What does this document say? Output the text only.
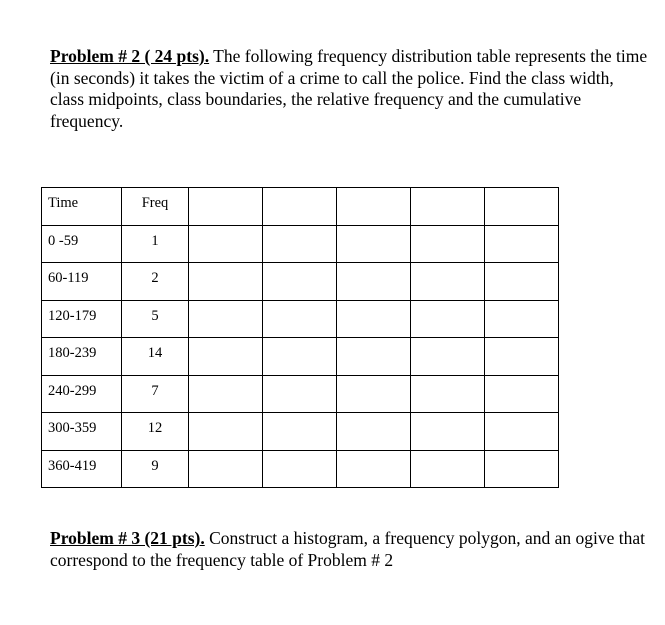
Problem # 2 ( 24 pts). The following frequency distribution table represents the time (in seconds) it takes the victim of a crime to call the police. Find the class width, class midpoints, class boundaries, the relative frequency and the cumulative frequency.
Time	Freq					

0 -59	1					

60-119	2					

120-179	5					

180-239	14					

240-299	7					

300-359	12					

360-419	9					

Problem # 3 (21 pts). Construct a histogram, a frequency polygon, and an ogive that correspond to the frequency table of Problem # 2
